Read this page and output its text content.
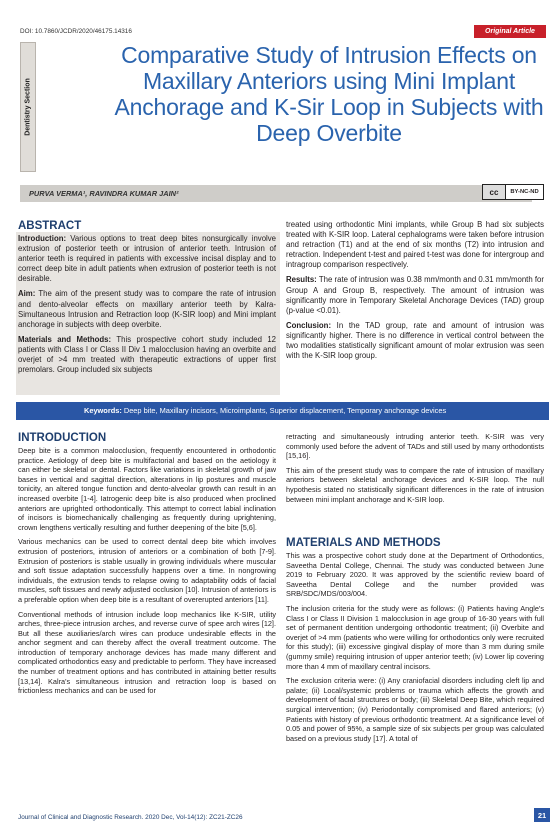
DOI: 10.7860/JCDR/2020/46175.14316	Original Article
Dentistry Section
Comparative Study of Intrusion Effects on Maxillary Anteriors using Mini Implant Anchorage and K-Sir Loop in Subjects with Deep Overbite
PURVA VERMA¹, RAVINDRA KUMAR JAIN²	cc	BY-NC-ND
ABSTRACT

Introduction: Various options to treat deep bites nonsurgically involve extrusion of posterior teeth or intrusion of anterior teeth. Intrusion of anterior teeth is required in patients with excessive incisal display and to correct deep bite in adult patients when extrusion of posterior teeth is not desirable.

Aim: The aim of the present study was to compare the rate of intrusion and dento-alveolar effects on maxillary anterior teeth by Kalra-Simultaneous Intrusion and Retraction loop (K-SIR loop) and Mini implant anchorage in subjects with deep overbite.

Materials and Methods: This prospective cohort study included 12 patients with Class I or Class II Div 1 malocclusion having an overbite and overjet of >4 mm treated with therapeutic extractions of upper first premolars. Group included six subjects

treated using orthodontic Mini implants, while Group B had six subjects treated with K-SIR loop. Lateral cephalograms were taken before intrusion and retraction (T1) and at the end of six months (T2) into intrusion and retraction. Independent t-test and paired t-test was done for intergroup and intragroup comparison respectively.

Results: The rate of intrusion was 0.38 mm/month and 0.31 mm/month for Group A and Group B, respectively. The amount of intrusion was significantly more in Temporary Skeletal Anchorage Devices (TAD) group (p-value <0.01).

Conclusion: In the TAD group, rate and amount of intrusion was significantly higher. There is no difference in vertical control between the two modalities statistically significant amount of molar extrusion was seen with the K-SIR loop group.

Keywords: Deep bite, Maxillary incisors, Microimplants, Superior displacement, Temporary anchorage devices
INTRODUCTION

Deep bite is a common malocclusion, frequently encountered in orthodontic practice. Aetiology of deep bite is multifactorial and based on the aetiology it can either be skeletal or dental. Factors like variations in skeletal growth of jaw bases in vertical and sagittal direction, alterations in lip postures and muscle tonicity, an altered tongue function and dento-alveolar growth can result in an increased overbite [1-4]. Iatrogenic deep bite is also produced when proclined anteriors are uprighted orthodontically. This attempt to correct labial inclination of incisors is biomechanically challenging as frequently during uprightening, crown lengthens vertically resulting and further deepening of the bite [5,6].

Various mechanics can be used to correct dental deep bite which involves extrusion of posteriors, intrusion of anteriors or a combination of both [7-9]. Extrusion of posteriors is stable usually in growing individuals where muscular and soft tissue adaptation successfully happens over a time. In nongrowing individuals, the extrusion tends to relapse owing to adaptability odds of facial muscles, soft tissues and newly adjusted occlusion [10]. Intrusion of anteriors is a preferable option when deep bite is a resultant of overerupted anteriors [11].

Conventional methods of intrusion include loop mechanics like K-SIR, utility arches, three-piece intrusion arches, and reverse curve of spee arch wires [12]. But all these auxiliaries/arch wires can produce undesirable effects in the anchor segment and can thereby affect the overall treatment outcome. The introduction of temporary anchorage devices has made many different and complicated orthodontics easy and predictable to perform. They have increased the number of treatment options and has contributed in attaining better results [13,14]. Kalra's simultaneous intrusion and retraction loop is based on frictionless mechanics and can be used for

retracting and simultaneously intruding anterior teeth. K-SIR was very commonly used before the advent of TADs and still used by many orthodontists [15,16].

This aim of the present study was to compare the rate of intrusion of maxillary anteriors between skeletal anchorage devices and K-SIR loop. The null hypothesis stated no statistically significant differences in the rate of intrusion between mini implant anchorage and K-SIR loop.

MATERIALS AND METHODS

This was a prospective cohort study done at the Department of Orthodontics, Saveetha Dental College, Chennai. The study was conducted between June 2019 to February 2020. It was approved by the scientific review board of Saveetha Dental College and the number provided was SRB/SDC/MDS/003/004.

The inclusion criteria for the study were as follows: (i) Patients having Angle's Class I or Class II Division 1 malocclusion in age group of 16-30 years with full set of permanent dentition undergoing orthodontic treatment; (ii) Overbite and overjet of >4 mm (patients who were willing for orthodontics only were recruited for this study); (iii) excessive gingival display of more than 3 mm during smile (gummy smile) requiring intrusion of upper anterior teeth; (iv) Lower lip covering more than 4 mm of maxillary central incisors.

The exclusion criteria were: (i) Any craniofacial disorders including cleft lip and palate; (ii) Local/systemic problems or trauma which affects the growth and development of facial structures or body; (iii) Skeletal Deep Bite, which required surgical intervention; (iv) Periodontally compromised and flared anteriors; (v) Patients with history of previous orthodontic treatment. At a significance level of 0.05 and power of 95%, a sample size of six subjects per group was calculated based on a previous study [17]. A total of

Journal of Clinical and Diagnostic Research. 2020 Dec, Vol-14(12): ZC21-ZC26	21
